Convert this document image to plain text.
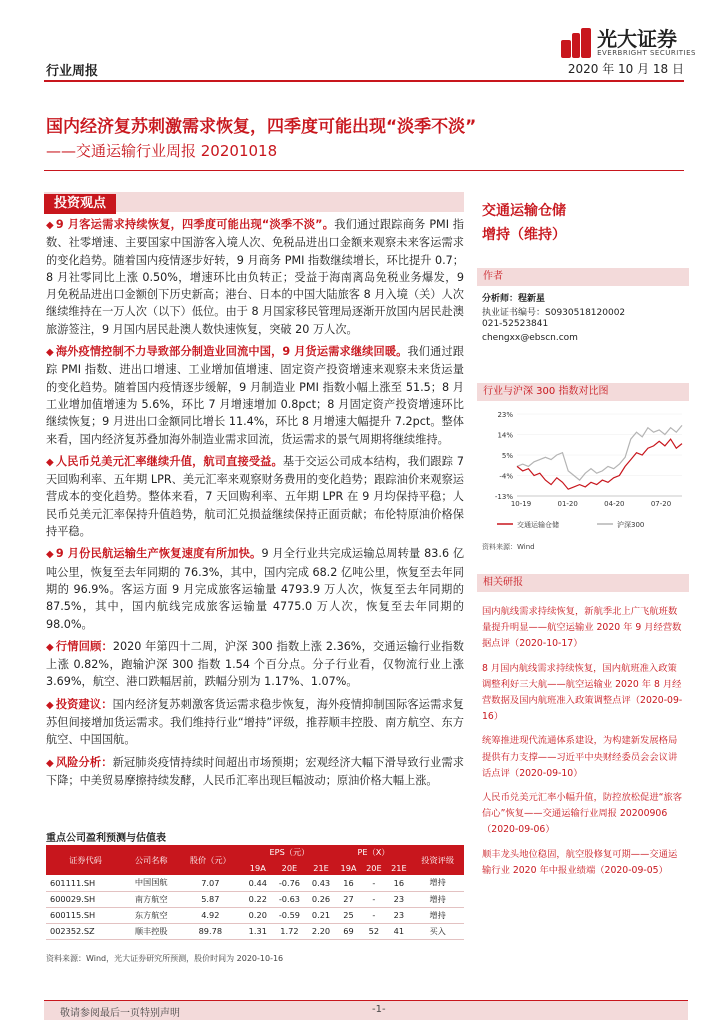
光大证券
EVERBRIGHT SECURITIES
行业周报	2020 年 10 月 18 日
国内经济复苏刺激需求恢复，四季度可能出现“淡季不淡”
——交通运输行业周报 20201018
投资观点
◆ 9 月客运需求持续恢复，四季度可能出现“淡季不淡”。我们通过跟踪商务 PMI 指数、社零增速、主要国家中国游客入境人次、免税品进出口金额来观察未来客运需求的变化趋势。随着国内疫情逐步好转，9 月商务 PMI 指数继续增长，环比提升 0.7；8 月社零同比上涨 0.50%，增速环比由负转正；受益于海南离岛免税业务爆发，9 月免税品进出口金额创下历史新高；港台、日本的中国大陆旅客 8 月入境（关）人次继续维持在一万人次（以下）低位。由于 8 月国家移民管理局逐渐开放国内居民赴澳旅游签注，9 月国内居民赴澳人数快速恢复，突破 20 万人次。
◆ 海外疫情控制不力导致部分制造业回流中国，9 月货运需求继续回暖。我们通过跟踪 PMI 指数、进出口增速、工业增加值增速、固定资产投资增速来观察未来货运量的变化趋势。随着国内疫情逐步缓解，9 月制造业 PMI 指数小幅上涨至 51.5；8 月工业增加值增速为 5.6%，环比 7 月增速增加 0.8pct；8 月固定资产投资增速环比继续恢复；9 月进出口金额同比增长 11.4%，环比 8 月增速大幅提升 7.2pct。整体来看，国内经济复苏叠加海外制造业需求回流，货运需求的景气周期将继续维持。
◆ 人民币兑美元汇率继续升值，航司直接受益。基于交运公司成本结构，我们跟踪 7 天回购利率、五年期 LPR、美元汇率来观察财务费用的变化趋势；跟踪油价来观察运营成本的变化趋势。整体来看，7 天回购利率、五年期 LPR 在 9 月均保持平稳；人民币兑美元汇率保持升值趋势，航司汇兑损益继续保持正面贡献；布伦特原油价格保持平稳。
◆ 9 月份民航运输生产恢复速度有所加快。9 月全行业共完成运输总周转量 83.6 亿吨公里，恢复至去年同期的 76.3%，其中，国内完成 68.2 亿吨公里，恢复至去年同期的 96.9%。客运方面 9 月完成旅客运输量 4793.9 万人次，恢复至去年同期的 87.5%，其中，国内航线完成旅客运输量 4775.0 万人次，恢复至去年同期的 98.0%。
◆ 行情回顾：2020 年第四十二周，沪深 300 指数上涨 2.36%，交通运输行业指数上涨 0.82%，跑输沪深 300 指数 1.54 个百分点。分子行业看，仅物流行业上涨 3.69%，航空、港口跌幅居前，跌幅分别为 1.17%、1.07%。
◆ 投资建议：国内经济复苏刺激客货运需求稳步恢复，海外疫情抑制国际客运需求复苏但间接增加货运需求。我们维持行业“增持”评级，推荐顺丰控股、南方航空、东方航空、中国国航。
◆ 风险分析：新冠肺炎疫情持续时间超出市场预期；宏观经济大幅下滑导致行业需求下降；中美贸易摩擦持续发酵，人民币汇率出现巨幅波动；原油价格大幅上涨。
重点公司盈利预测与估值表
证券代码	公司名称	股价（元）	EPS（元）			PE（X）			投资评级
			19A	20E	21E	19A	20E	21E	
601111.SH	中国国航	7.07	0.44	-0.76	0.43	16	-	16	增持
600029.SH	南方航空	5.87	0.22	-0.63	0.26	27	-	23	增持
600115.SH	东方航空	4.92	0.20	-0.59	0.21	25	-	23	增持
002352.SZ	顺丰控股	89.78	1.31	1.72	2.20	69	52	41	买入
资料来源：Wind，光大证券研究所预测，股价时间为 2020-10-16
交通运输仓储
增持（维持）
作者
分析师：程新星
执业证书编号：S0930518120002
021-52523841
chengxx@ebscn.com
行业与沪深 300 指数对比图
23%
14%
5%
-4%
-13%
10-19	01-20	04-20	07-20
交通运输仓储	沪深300
资料来源：Wind
相关研报
国内航线需求持续恢复，新航季北上广飞航班数量提升明显——航空运输业 2020 年 9 月经营数据点评（2020-10-17）
8 月国内航线需求持续恢复，国内航班准入政策调整利好三大航——航空运输业 2020 年 8 月经营数据及国内航班准入政策调整点评（2020-09-16）
统筹推进现代流通体系建设，为构建新发展格局提供有力支撑——习近平中央财经委员会会议讲话点评（2020-09-10）
人民币兑美元汇率小幅升值，防控放松促进“旅客信心”恢复——交通运输行业周报 20200906（2020-09-06）
顺丰龙头地位稳固，航空股修复可期——交通运输行业 2020 年中报业绩端（2020-09-05）
敬请参阅最后一页特别声明	-1-
